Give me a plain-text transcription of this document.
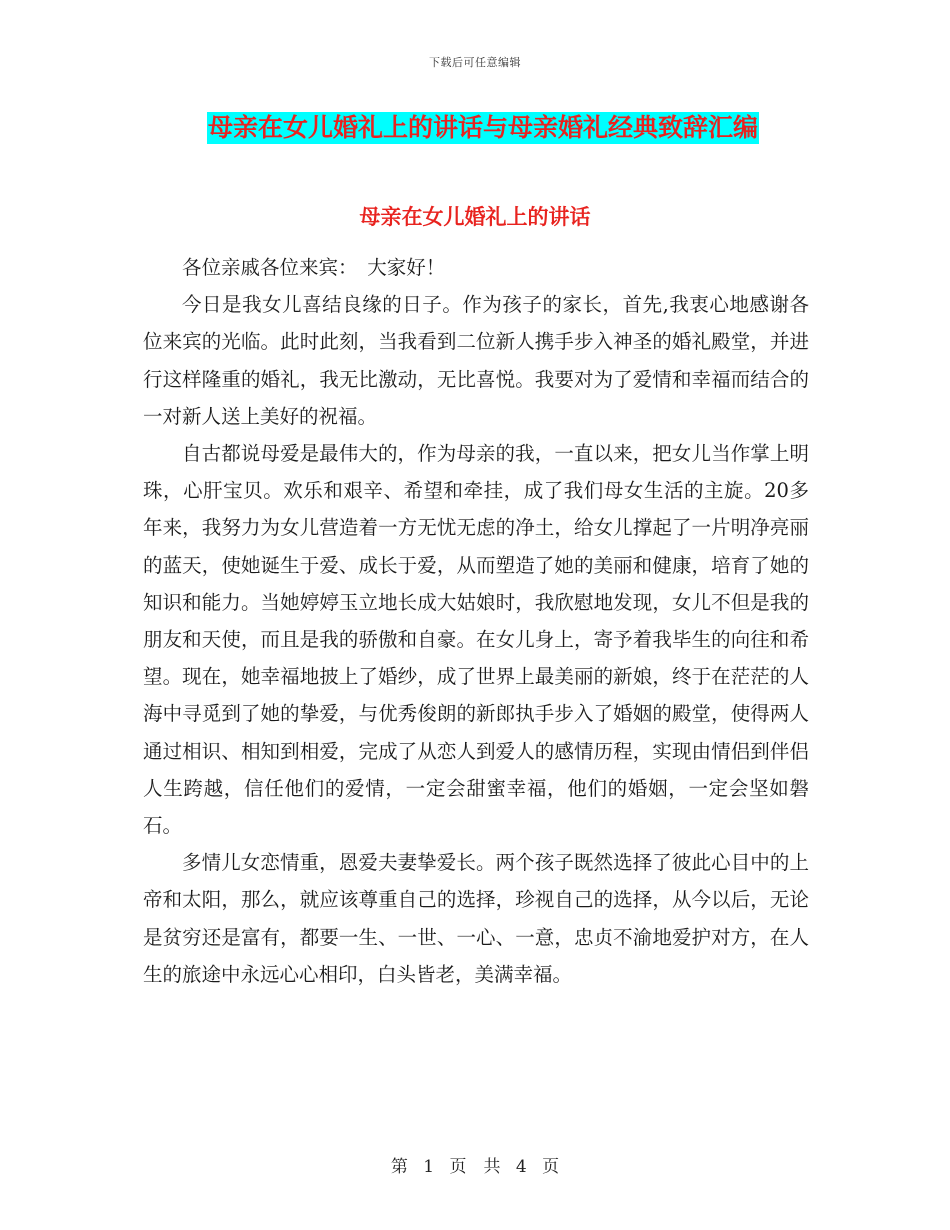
下载后可任意编辑
母亲在女儿婚礼上的讲话与母亲婚礼经典致辞汇编
母亲在女儿婚礼上的讲话

各位亲戚各位来宾：　大家好！

今日是我女儿喜结良缘的日子。作为孩子的家长，首先,我衷心地感谢各位来宾的光临。此时此刻，当我看到二位新人携手步入神圣的婚礼殿堂，并进行这样隆重的婚礼，我无比激动，无比喜悦。我要对为了爱情和幸福而结合的一对新人送上美好的祝福。

自古都说母爱是最伟大的，作为母亲的我，一直以来，把女儿当作掌上明珠，心肝宝贝。欢乐和艰辛、希望和牵挂，成了我们母女生活的主旋。20多年来，我努力为女儿营造着一方无忧无虑的净土，给女儿撑起了一片明净亮丽的蓝天，使她诞生于爱、成长于爱，从而塑造了她的美丽和健康，培育了她的知识和能力。当她婷婷玉立地长成大姑娘时，我欣慰地发现，女儿不但是我的朋友和天使，而且是我的骄傲和自豪。在女儿身上，寄予着我毕生的向往和希望。现在，她幸福地披上了婚纱，成了世界上最美丽的新娘，终于在茫茫的人海中寻觅到了她的挚爱，与优秀俊朗的新郎执手步入了婚姻的殿堂，使得两人通过相识、相知到相爱，完成了从恋人到爱人的感情历程，实现由情侣到伴侣人生跨越，信任他们的爱情，一定会甜蜜幸福，他们的婚姻，一定会坚如磐石。

多情儿女恋情重，恩爱夫妻挚爱长。两个孩子既然选择了彼此心目中的上帝和太阳，那么，就应该尊重自己的选择，珍视自己的选择，从今以后，无论是贫穷还是富有，都要一生、一世、一心、一意，忠贞不渝地爱护对方，在人生的旅途中永远心心相印，白头皆老，美满幸福。

第 1 页　共 4 页
